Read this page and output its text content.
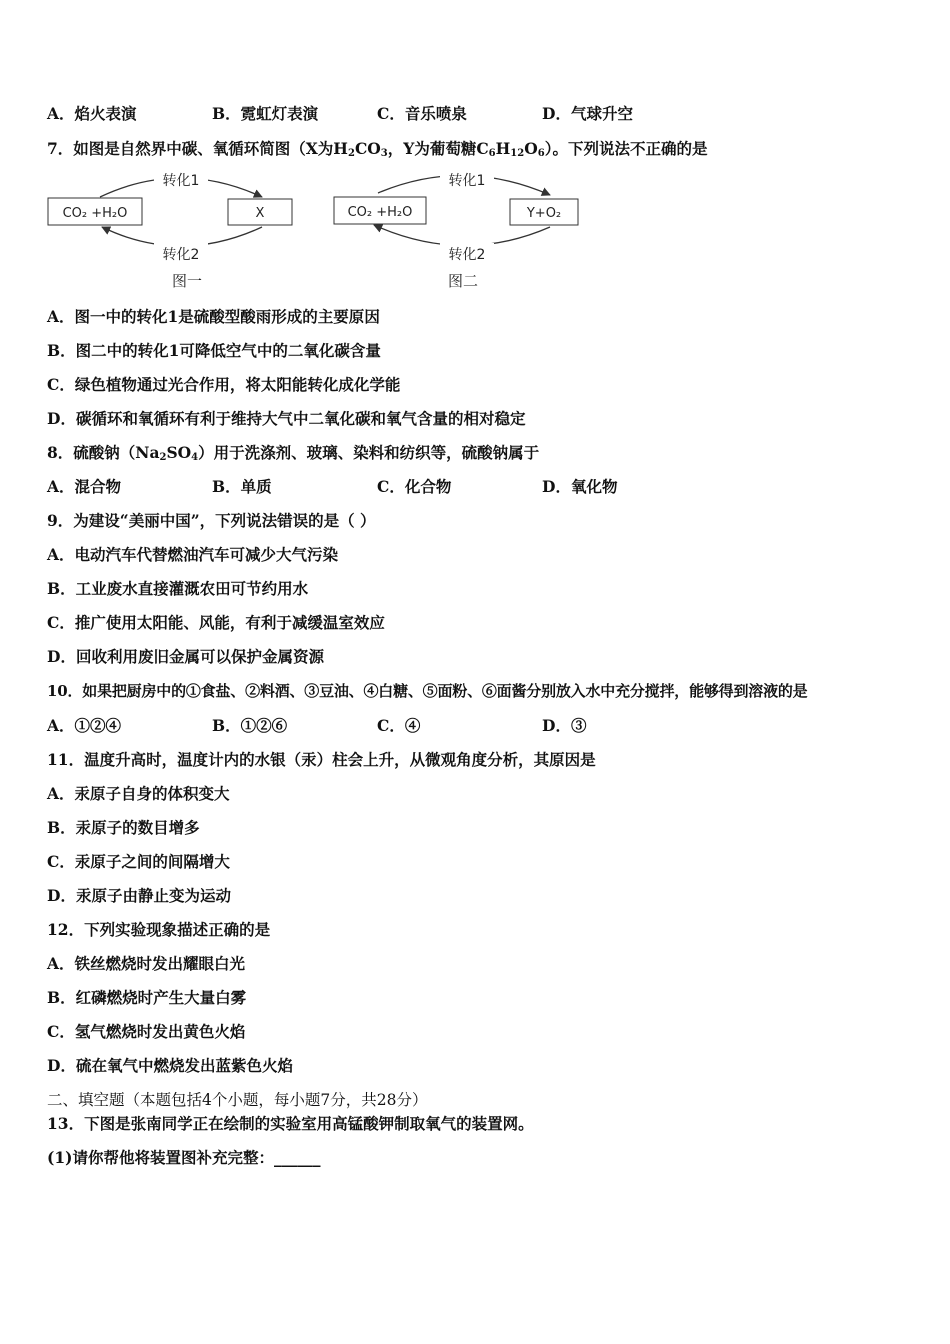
A．焰火表演	B．霓虹灯表演	C．音乐喷泉	D．气球升空
7．如图是自然界中碳、氧循环简图（X为$H_2CO_3$，Y为葡萄糖$C_6H_{12}O_6$）。下列说法不正确的是
CO₂ +H₂O	X
转化1
转化2
图一
CO₂ +H₂O	Y+O₂
转化1
转化2
图二
A．图一中的转化1是硫酸型酸雨形成的主要原因
B．图二中的转化1可降低空气中的二氧化碳含量
C．绿色植物通过光合作用，将太阳能转化成化学能
D．碳循环和氧循环有利于维持大气中二氧化碳和氧气含量的相对稳定
8．硫酸钠$(Na_2SO_4)$用于洗涤剂、玻璃、染料和纺织等，硫酸钠属于
A．混合物	B．单质	C．化合物	D．氧化物
9．为建设“美丽中国”，下列说法错误的是（ ）
A．电动汽车代替燃油汽车可减少大气污染
B．工业废水直接灌溉农田可节约用水
C．推广使用太阳能、风能，有利于减缓温室效应
D．回收利用废旧金属可以保护金属资源
10．如果把厨房中的①食盐、②料酒、③豆油、④白糖、⑤面粉、⑥面酱分别放入水中充分搅拌，能够得到溶液的是
A．①②④	B．①②⑥	C．④	D．③
11．温度升高时，温度计内的水银（汞）柱会上升，从微观角度分析，其原因是
A．汞原子自身的体积变大
B．汞原子的数目增多
C．汞原子之间的间隔增大
D．汞原子由静止变为运动
12．下列实验现象描述正确的是
A．铁丝燃烧时发出耀眼白光
B．红磷燃烧时产生大量白雾
C．氢气燃烧时发出黄色火焰
D．硫在氧气中燃烧发出蓝紫色火焰
二、填空题（本题包括4个小题，每小题7分，共28分）
13．下图是张南同学正在绘制的实验室用高锰酸钾制取氧气的装置网。
(1)请你帮他将装置图补充完整：______
